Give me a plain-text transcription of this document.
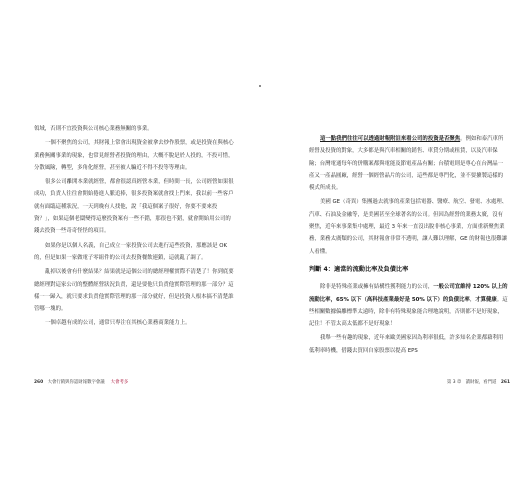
領域，否則不宜投資與公司核心業務無關的事業。

一個不聚焦的公司，其財報上常會出現資金被拿去炒作股票，或是投資在與核心業務無關事業的現象，也常見經營者投資的理由，大概不脫是於人投的，不投可惜，分散風險，轉型，多角化經營，甚至被人騙近不得不投等等理由。

很多公司離開本業就經營，都會很認真經營本業，但時間一長，公司經營如果很成功，負責人往往會開始捲進人脈追捧，很多投資案就會找上門來，我以前一些客戶就有面臨這種狀況，一天到晚有人找他，說「我這個案子很好，你要不要來投資？」，如果這個老闆變得這麼投資案有一些不錯，那很也不錯，就會開始用公司的錢去投資一些奇奇怪怪的項目。

如果你是以個人名義，自己成立一家投資公司去進行這些投資，那應該是 OK 的，但是如果一家做電子零組件的公司去投資餐飲連鎖，這就亂了調了。

亂掉以後會有什麼結果？結果就是這個公司的總經理權實際不清楚了！你到底要總經理對這家公司的整體經營狀況負責，還是要他只負責他實際管理的那一部分？這樣一一歸入，就只要求負責他實際管理的那一部分就好，但是投資人根本搞不清楚誰管哪一塊的。

一個卓越有成的公司，通常只專注在其核心業務商業能力上。

260 大會行銷與你認財報數字會議 大會考多

這一點我們往往可以透過財報附註來看公司的投資是否聚焦。例如和泰汽車所經營及投資的對象，大多都是與汽車相關的銷售、車貸分期或租賃，以及汽車保險；台灣電通每年的併購案都與電能及節電產品有關；台積電則是專心在台灣晶一產又一產晶圓廠，經營一個經營晶片的公司，這些都是專門化，並不要擴製這樣的模式所成長。

美國 GE（奇異）集團過去就事的產業包括電器、醫療、航空、發電、水處理、汽車、石油及金融等，是美國甚至全球著名的公司。但因為經營的業務太廣，沒有聚焦，近年來事業集中處理，最近 3 年來一直沒出脫非核心事業，方面重新聚焦業務，業務太廣類的公司，其財報會非常不透明，讓人難以理解，GE 的財報也很難讓人看懂。

判斷 4：適當的流動比率及負債比率

除非是特殊產業或擁有結構性獲利能力的公司，一般公司宜維持 120% 以上的流動比率，65% 以下（高科技產業最好是 50% 以下）的負債比率，才算健康。這些相關數據偏離標準太遠時，除非有特殊現象能合理地說明，否則都不是好現象，記住！不管太高太低都不是好現象！

我舉一些有趣的現象，近年來歐美國家因為利率很低，許多知名企業都藉利用低利率時機，借錢去買回自家股票以提高 EPS

第 3 章　讀財報，看門道 261
